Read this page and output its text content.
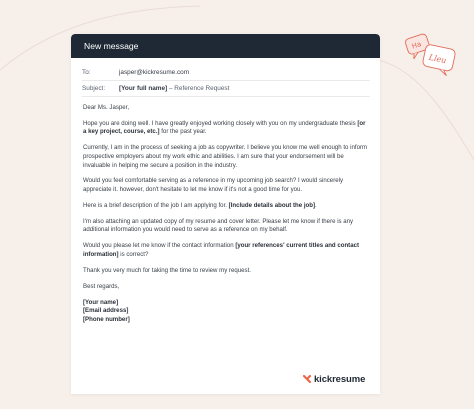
Ha
Lleu
New message
To:	jasper@kickresume.com
Subject: [Your full name] – Reference Request

Dear Ms. Jasper,

Hope you are doing well. I have greatly enjoyed working closely with you on my undergraduate thesis [or a key project, course, etc.] for the past year.

Currently, I am in the process of seeking a job as copywriter. I believe you know me well enough to inform prospective employers about my work ethic and abilities. I am sure that your endorsement will be invaluable in helping me secure a position in the industry.

Would you feel comfortable serving as a reference in my upcoming job search? I would sincerely appreciate it. however, don't hesitate to let me know if it's not a good time for you.

Here is a brief description of the job I am applying for. [Include details about the job].

I'm also attaching an updated copy of my resume and cover letter. Please let me know if there is any additional information you would need to serve as a reference on my behalf.

Would you please let me know if the contact information [your references' current titles and contact information] is correct?

Thank you very much for taking the time to review my request.

Best regards,

[Your name]
[Email address]
[Phone number]
kickresume
